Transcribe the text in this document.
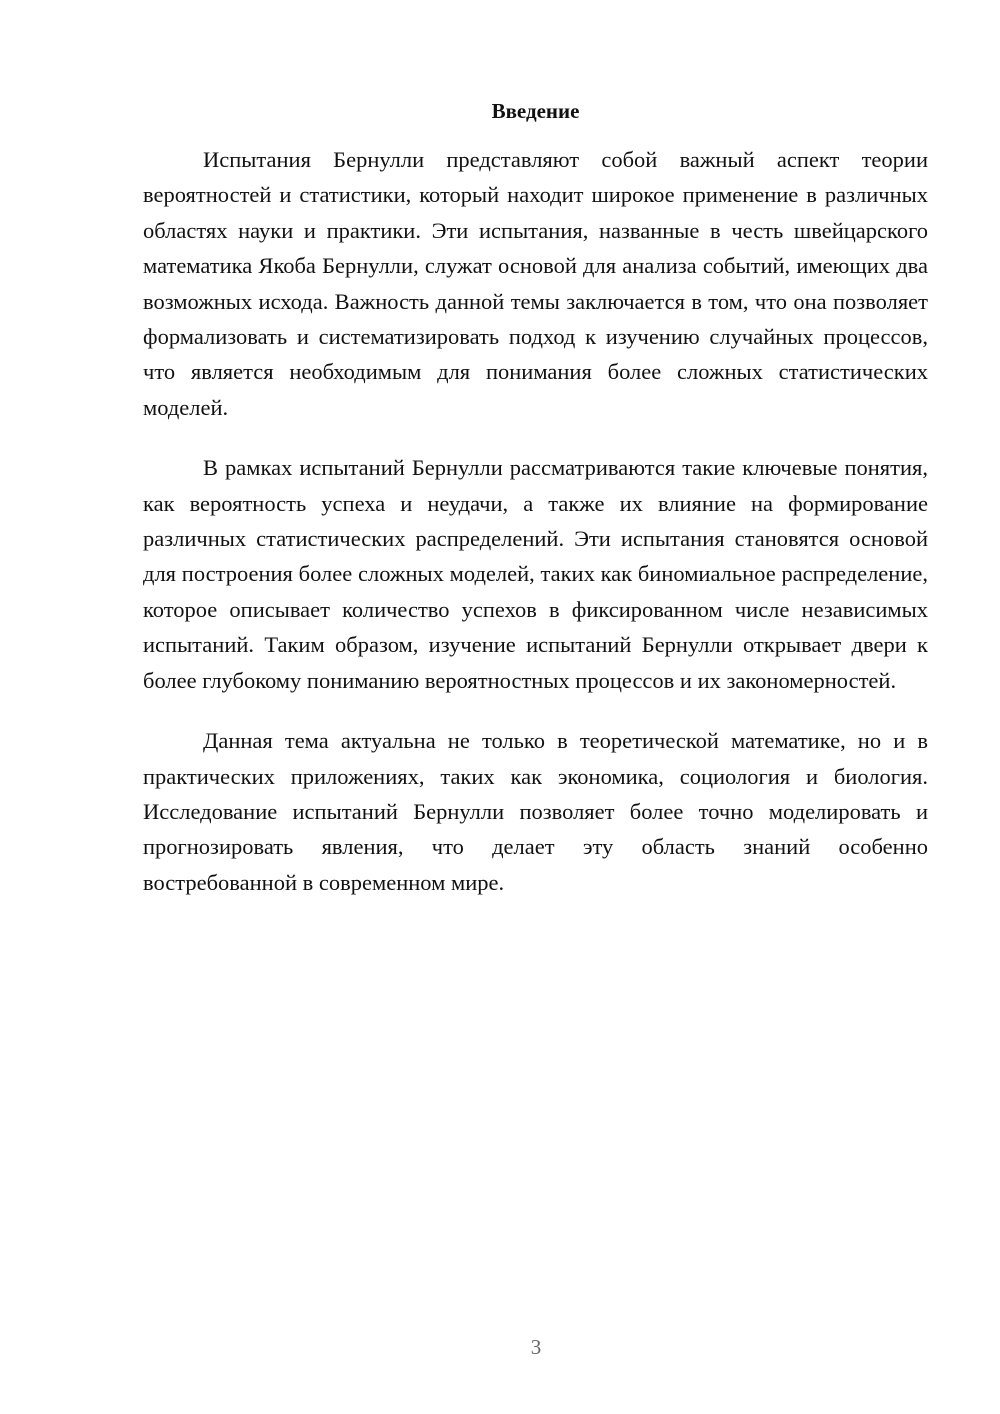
Введение

Испытания Бернулли представляют собой важный аспект теории вероятностей и статистики, который находит широкое применение в различных областях науки и практики. Эти испытания, названные в честь швейцарского математика Якоба Бернулли, служат основой для анализа событий, имеющих два возможных исхода. Важность данной темы заключается в том, что она позволяет формализовать и систематизировать подход к изучению случайных процессов, что является необходимым для понимания более сложных статистических моделей.

В рамках испытаний Бернулли рассматриваются такие ключевые понятия, как вероятность успеха и неудачи, а также их влияние на формирование различных статистических распределений. Эти испытания становятся основой для построения более сложных моделей, таких как биномиальное распределение, которое описывает количество успехов в фиксированном числе независимых испытаний. Таким образом, изучение испытаний Бернулли открывает двери к более глубокому пониманию вероятностных процессов и их закономерностей.

Данная тема актуальна не только в теоретической математике, но и в практических приложениях, таких как экономика, социология и биология. Исследование испытаний Бернулли позволяет более точно моделировать и прогнозировать явления, что делает эту область знаний особенно востребованной в современном мире.

3
